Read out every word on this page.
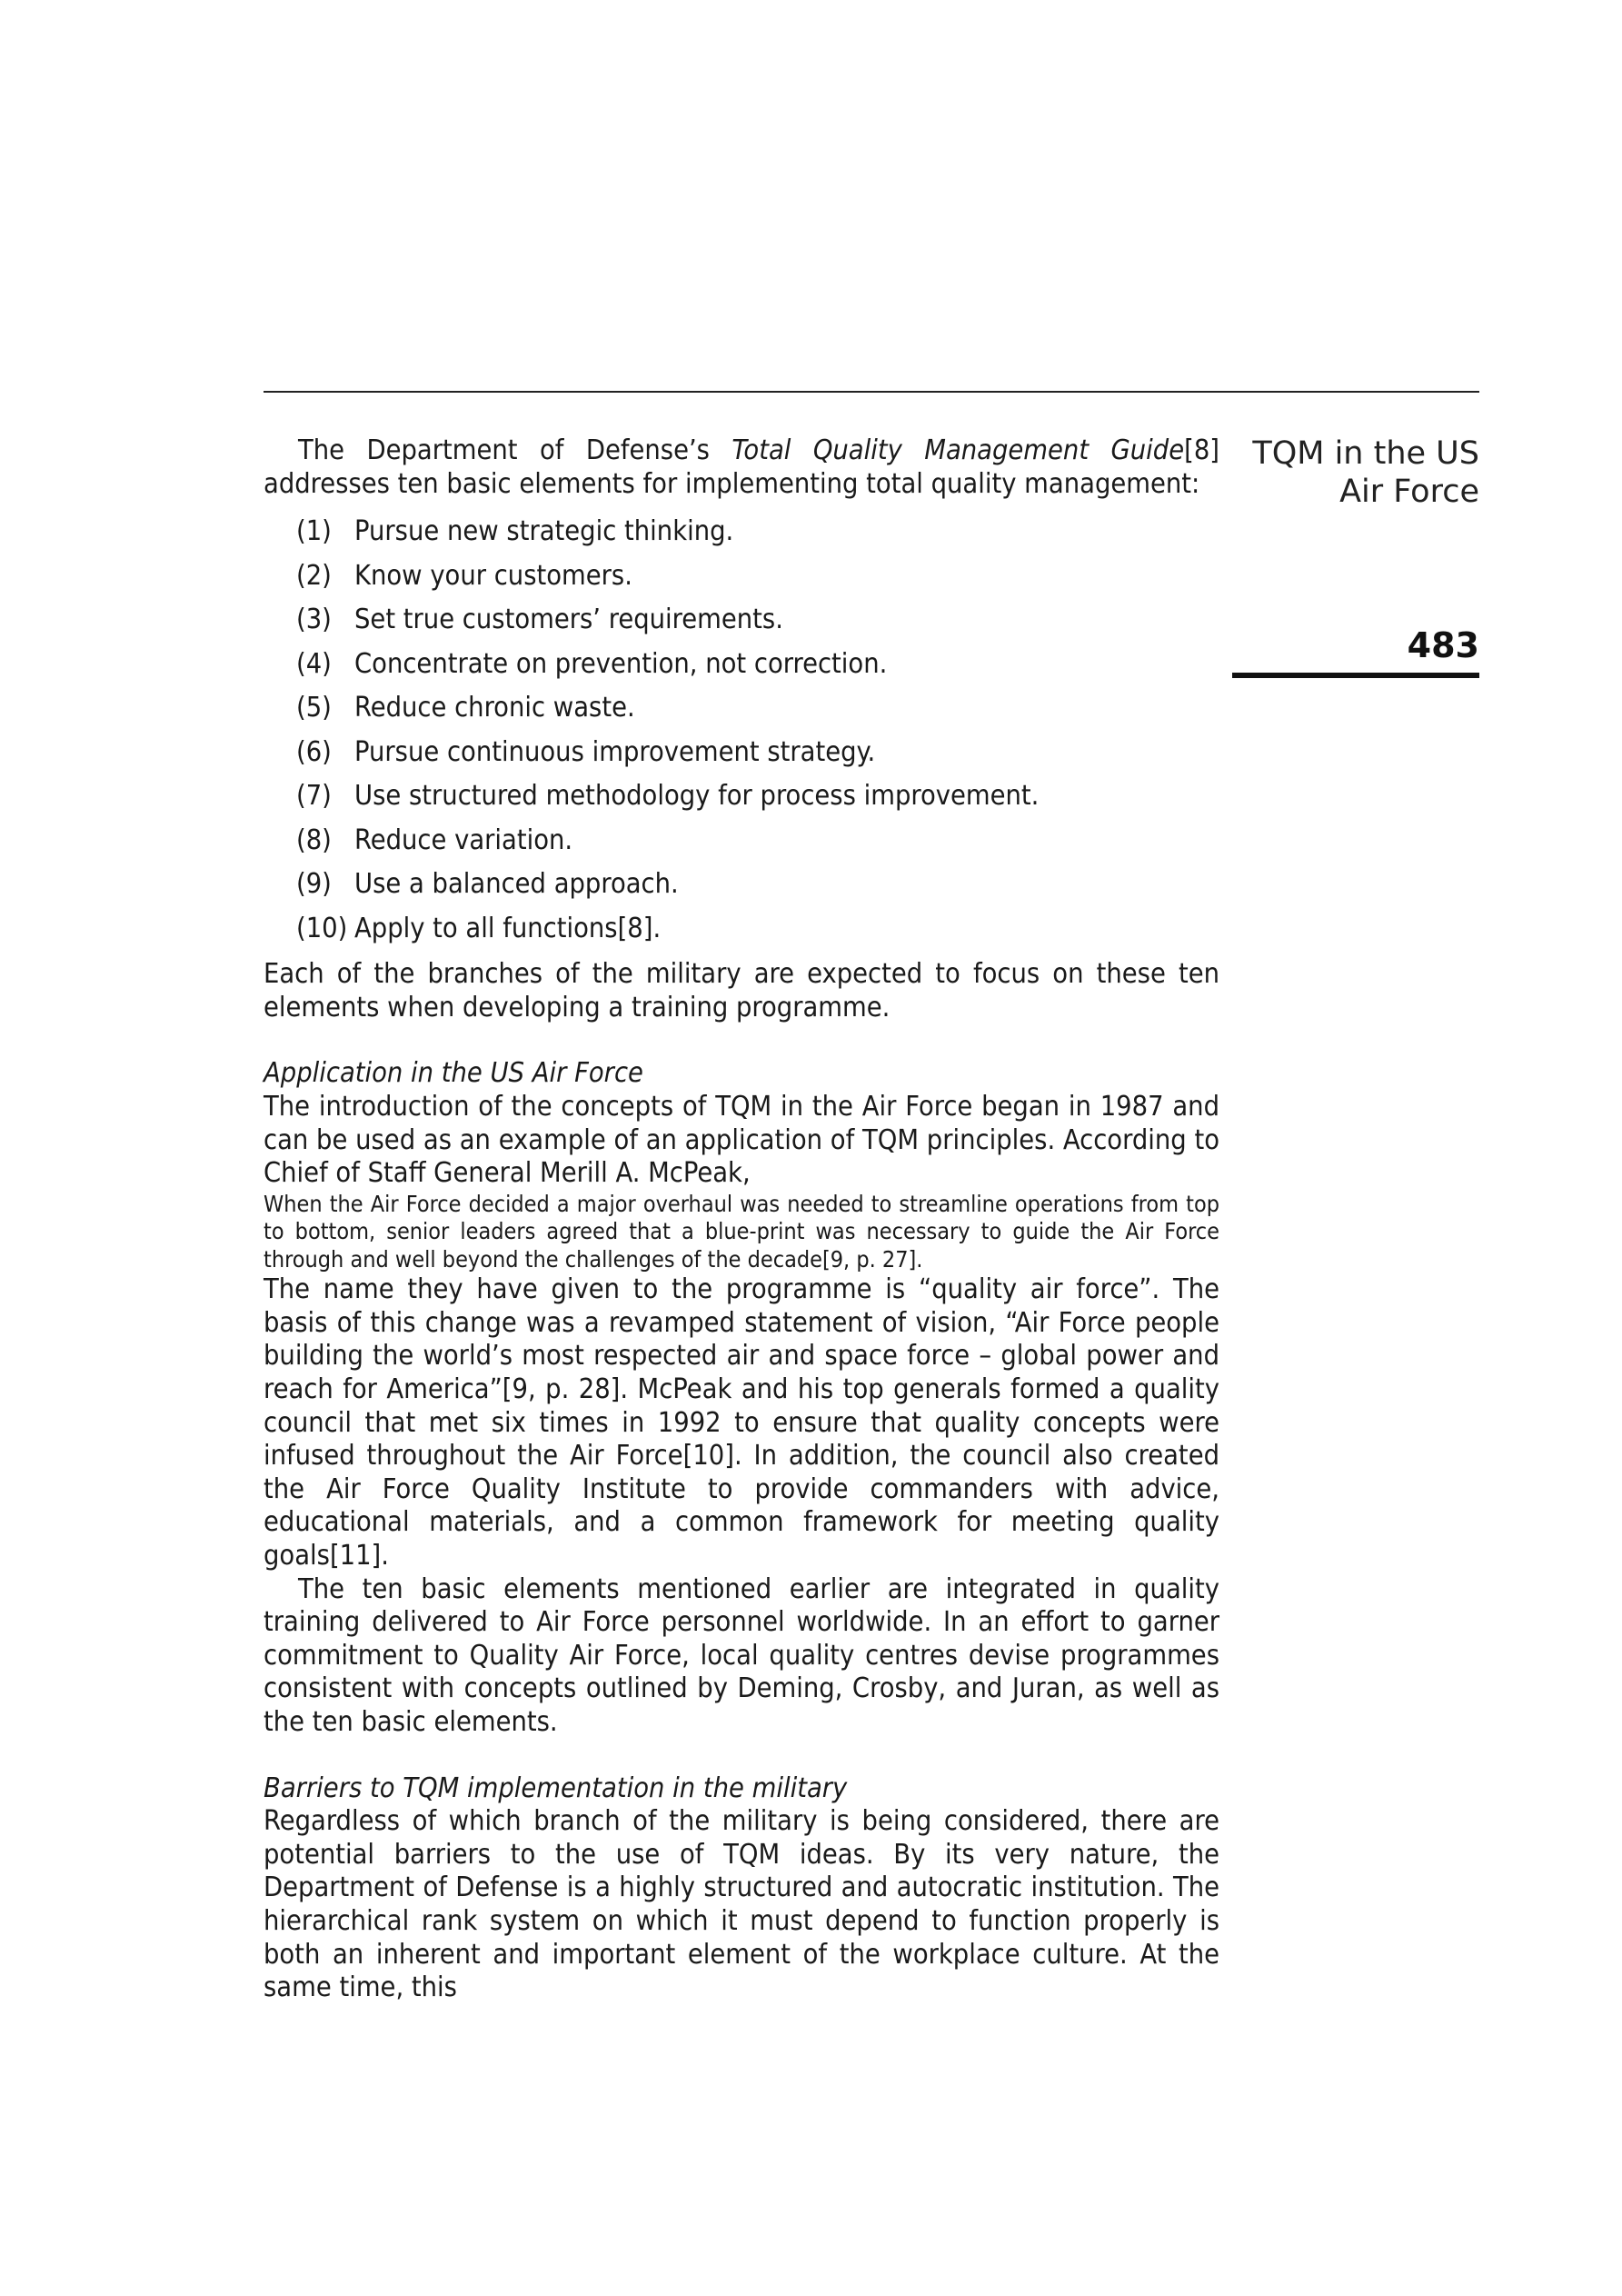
TQM in the US
Air Force
483

The Department of Defense’s Total Quality Management Guide[8] addresses ten basic elements for implementing total quality management:

(1) Pursue new strategic thinking.
(2) Know your customers.
(3) Set true customers’ requirements.
(4) Concentrate on prevention, not correction.
(5) Reduce chronic waste.
(6) Pursue continuous improvement strategy.
(7) Use structured methodology for process improvement.
(8) Reduce variation.
(9) Use a balanced approach.
(10) Apply to all functions[8].

Each of the branches of the military are expected to focus on these ten elements when developing a training programme.

Application in the US Air Force

The introduction of the concepts of TQM in the Air Force began in 1987 and can be used as an example of an application of TQM principles. According to Chief of Staff General Merill A. McPeak,

When the Air Force decided a major overhaul was needed to streamline operations from top to bottom, senior leaders agreed that a blue-print was necessary to guide the Air Force through and well beyond the challenges of the decade[9, p. 27].

The name they have given to the programme is “quality air force”. The basis of this change was a revamped statement of vision, “Air Force people building the world’s most respected air and space force – global power and reach for America”[9, p. 28]. McPeak and his top generals formed a quality council that met six times in 1992 to ensure that quality concepts were infused throughout the Air Force[10]. In addition, the council also created the Air Force Quality Institute to provide commanders with advice, educational materials, and a common framework for meeting quality goals[11].

The ten basic elements mentioned earlier are integrated in quality training delivered to Air Force personnel worldwide. In an effort to garner commitment to Quality Air Force, local quality centres devise programmes consistent with concepts outlined by Deming, Crosby, and Juran, as well as the ten basic elements.

Barriers to TQM implementation in the military

Regardless of which branch of the military is being considered, there are potential barriers to the use of TQM ideas. By its very nature, the Department of Defense is a highly structured and autocratic institution. The hierarchical rank system on which it must depend to function properly is both an inherent and important element of the workplace culture. At the same time, this
